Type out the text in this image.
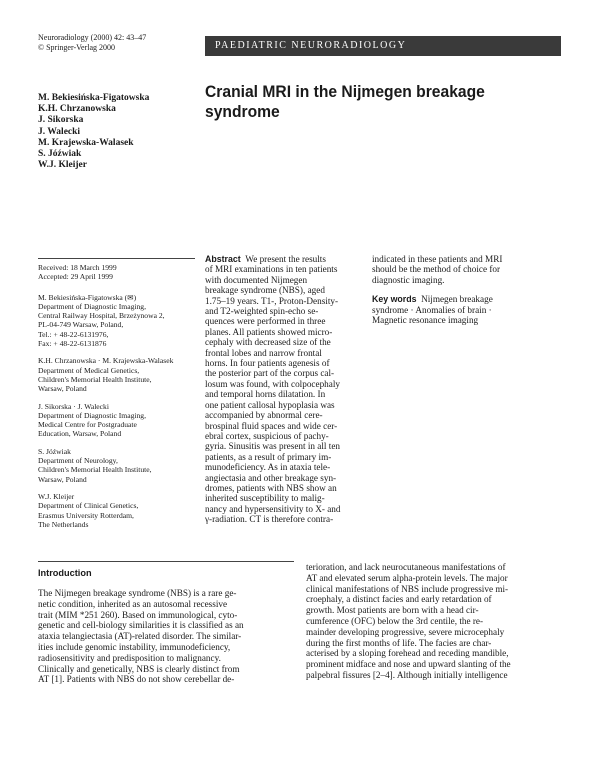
Neuroradiology (2000) 42: 43–47
© Springer-Verlag 2000	PAEDIATRIC NEURORADIOLOGY
M. Bekiesińska-Figatowska
K.H. Chrzanowska
J. Sikorska
J. Walecki
M. Krajewska-Walasek
S. Jóźwiak
W.J. Kleijer
Cranial MRI in the Nijmegen breakage
syndrome

Received: 18 March 1999
Accepted: 29 April 1999

M. Bekiesińska-Figatowska (✉)
Department of Diagnostic Imaging,
Central Railway Hospital, Brzeżynowa 2,
PL-04-749 Warsaw, Poland,
Tel.: + 48-22-6131976,
Fax: + 48-22-6131876

K.H. Chrzanowska · M. Krajewska-Walasek
Department of Medical Genetics,
Children's Memorial Health Institute,
Warsaw, Poland

J. Sikorska · J. Walecki
Department of Diagnostic Imaging,
Medical Centre for Postgraduate
Education, Warsaw, Poland

S. Jóźwiak
Department of Neurology,
Children's Memorial Health Institute,
Warsaw, Poland

W.J. Kleijer
Department of Clinical Genetics,
Erasmus University Rotterdam,
The Netherlands

Abstract We present the results
of MRI examinations in ten patients
with documented Nijmegen
breakage syndrome (NBS), aged
1.75–19 years. T1-, Proton-Density-
and T2-weighted spin-echo se-
quences were performed in three
planes. All patients showed micro-
cephaly with decreased size of the
frontal lobes and narrow frontal
horns. In four patients agenesis of
the posterior part of the corpus cal-
losum was found, with colpocephaly
and temporal horns dilatation. In
one patient callosal hypoplasia was
accompanied by abnormal cere-
brospinal fluid spaces and wide cer-
ebral cortex, suspicious of pachy-
gyria. Sinusitis was present in all ten
patients, as a result of primary im-
munodeficiency. As in ataxia tele-
angiectasia and other breakage syn-
dromes, patients with NBS show an
inherited susceptibility to malig-
nancy and hypersensitivity to X- and
γ-radiation. CT is therefore contra-
indicated in these patients and MRI
should be the method of choice for
diagnostic imaging.
Key words Nijmegen breakage
syndrome · Anomalies of brain ·
Magnetic resonance imaging
Introduction
The Nijmegen breakage syndrome (NBS) is a rare ge-
netic condition, inherited as an autosomal recessive
trait (MIM *251 260). Based on immunological, cyto-
genetic and cell-biology similarities it is classified as an
ataxia telangiectasia (AT)-related disorder. The similar-
ities include genomic instability, immunodeficiency,
radiosensitivity and predisposition to malignancy.
Clinically and genetically, NBS is clearly distinct from
AT [1]. Patients with NBS do not show cerebellar de-
terioration, and lack neurocutaneous manifestations of
AT and elevated serum alpha-protein levels. The major
clinical manifestations of NBS include progressive mi-
croephaly, a distinct facies and early retardation of
growth. Most patients are born with a head cir-
cumference (OFC) below the 3rd centile, the re-
mainder developing progressive, severe microcephaly
during the first months of life. The facies are char-
acterised by a sloping forehead and receding mandible,
prominent midface and nose and upward slanting of the
palpebral fissures [2–4]. Although initially intelligence
